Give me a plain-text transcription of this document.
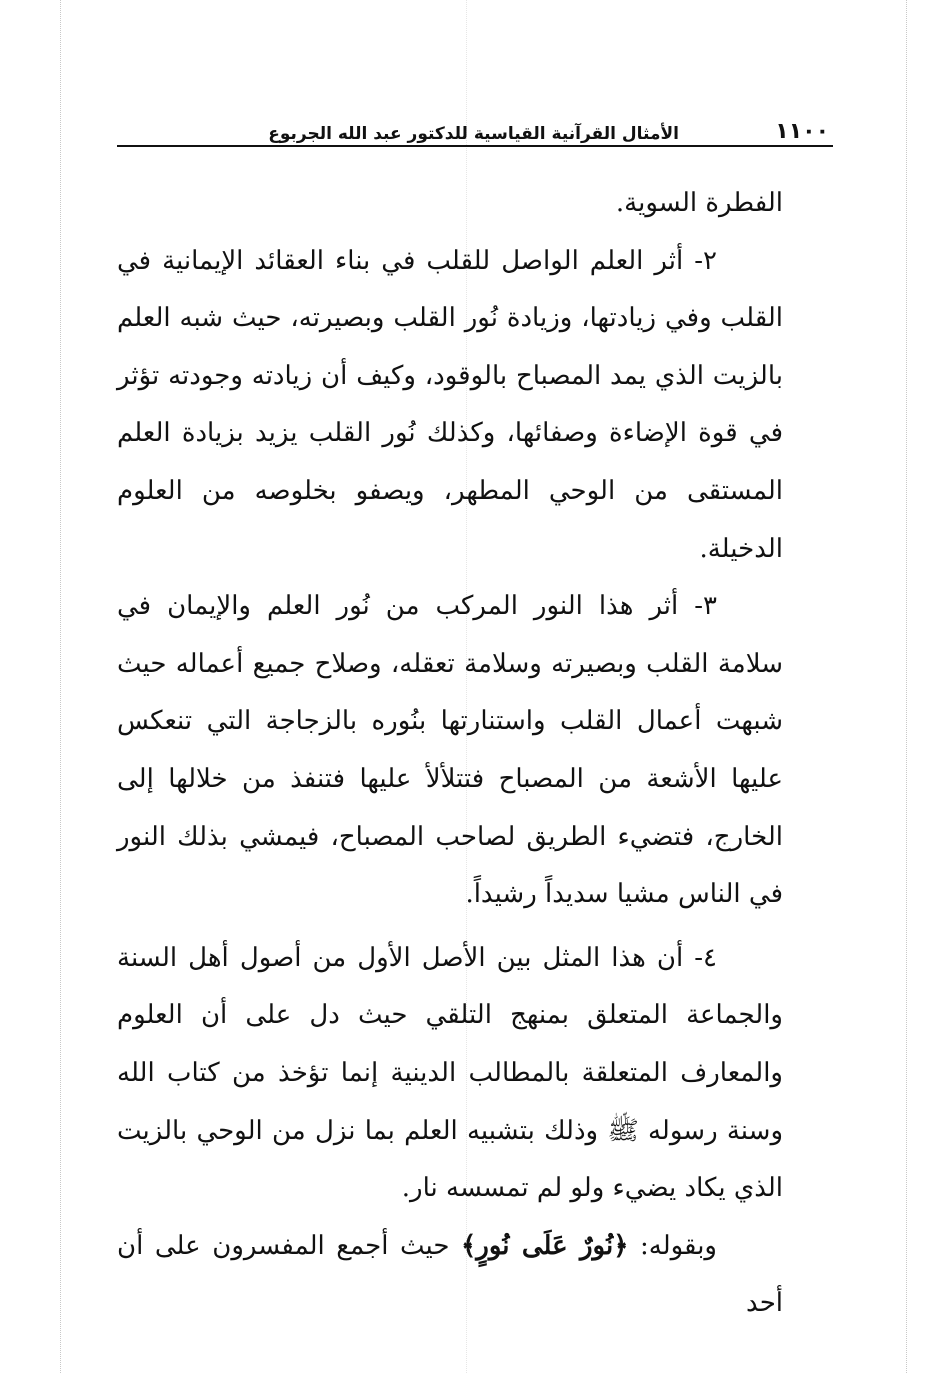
١١٠٠
الأمثال القرآنية القياسية للدكتور عبد الله الجربوع

الفطرة السوية.

٢- أثر العلم الواصل للقلب في بناء العقائد الإيمانية في القلب وفي زيادتها، وزيادة نُور القلب وبصيرته، حيث شبه العلم بالزيت الذي يمد المصباح بالوقود، وكيف أن زيادته وجودته تؤثر في قوة الإضاءة وصفائها، وكذلك نُور القلب يزيد بزيادة العلم المستقى من الوحي المطهر، ويصفو بخلوصه من العلوم الدخيلة.

٣- أثر هذا النور المركب من نُور العلم والإيمان في سلامة القلب وبصيرته وسلامة تعقله، وصلاح جميع أعماله حيث شبهت أعمال القلب واستنارتها بنُوره بالزجاجة التي تنعكس عليها الأشعة من المصباح فتتلألأ عليها فتنفذ من خلالها إلى الخارج، فتضيء الطريق لصاحب المصباح، فيمشي بذلك النور في الناس مشيا سديداً رشيداً.

٤- أن هذا المثل بين الأصل الأول من أصول أهل السنة والجماعة المتعلق بمنهج التلقي حيث دل على أن العلوم والمعارف المتعلقة بالمطالب الدينية إنما تؤخذ من كتاب الله وسنة رسوله ﷺ وذلك بتشبيه العلم بما نزل من الوحي بالزيت الذي يكاد يضيء ولو لم تمسسه نار.

وبقوله: ﴿نُورٌ عَلَى نُورٍ﴾ حيث أجمع المفسرون على أن أحد
